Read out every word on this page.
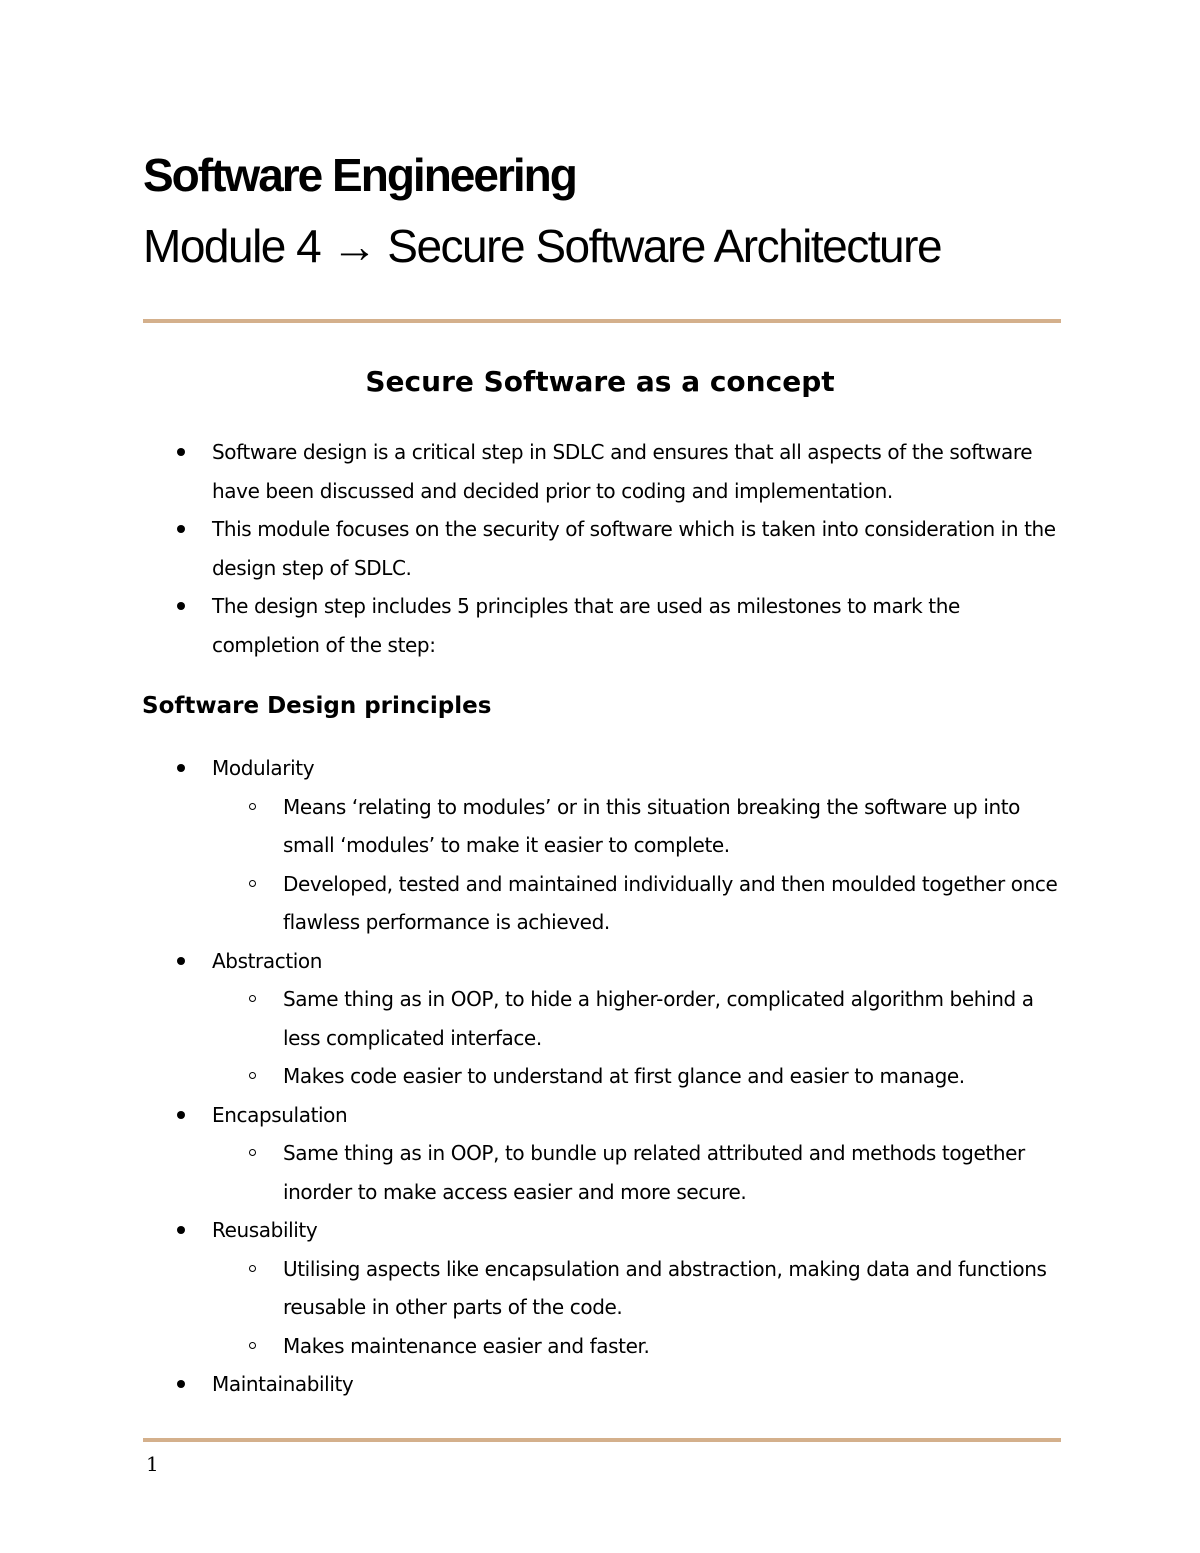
Software Engineering
Module 4 → Secure Software Architecture
Secure Software as a concept
Software design is a critical step in SDLC and ensures that all aspects of the software have been discussed and decided prior to coding and implementation.
This module focuses on the security of software which is taken into consideration in the design step of SDLC.
The design step includes 5 principles that are used as milestones to mark the completion of the step:
Software Design principles
Modularity
Means ‘relating to modules’ or in this situation breaking the software up into small ‘modules’ to make it easier to complete.
Developed, tested and maintained individually and then moulded together once flawless performance is achieved.
Abstraction
Same thing as in OOP, to hide a higher-order, complicated algorithm behind a less complicated interface.
Makes code easier to understand at first glance and easier to manage.
Encapsulation
Same thing as in OOP, to bundle up related attributed and methods together inorder to make access easier and more secure.
Reusability
Utilising aspects like encapsulation and abstraction, making data and functions reusable in other parts of the code.
Makes maintenance easier and faster.
Maintainability
1
